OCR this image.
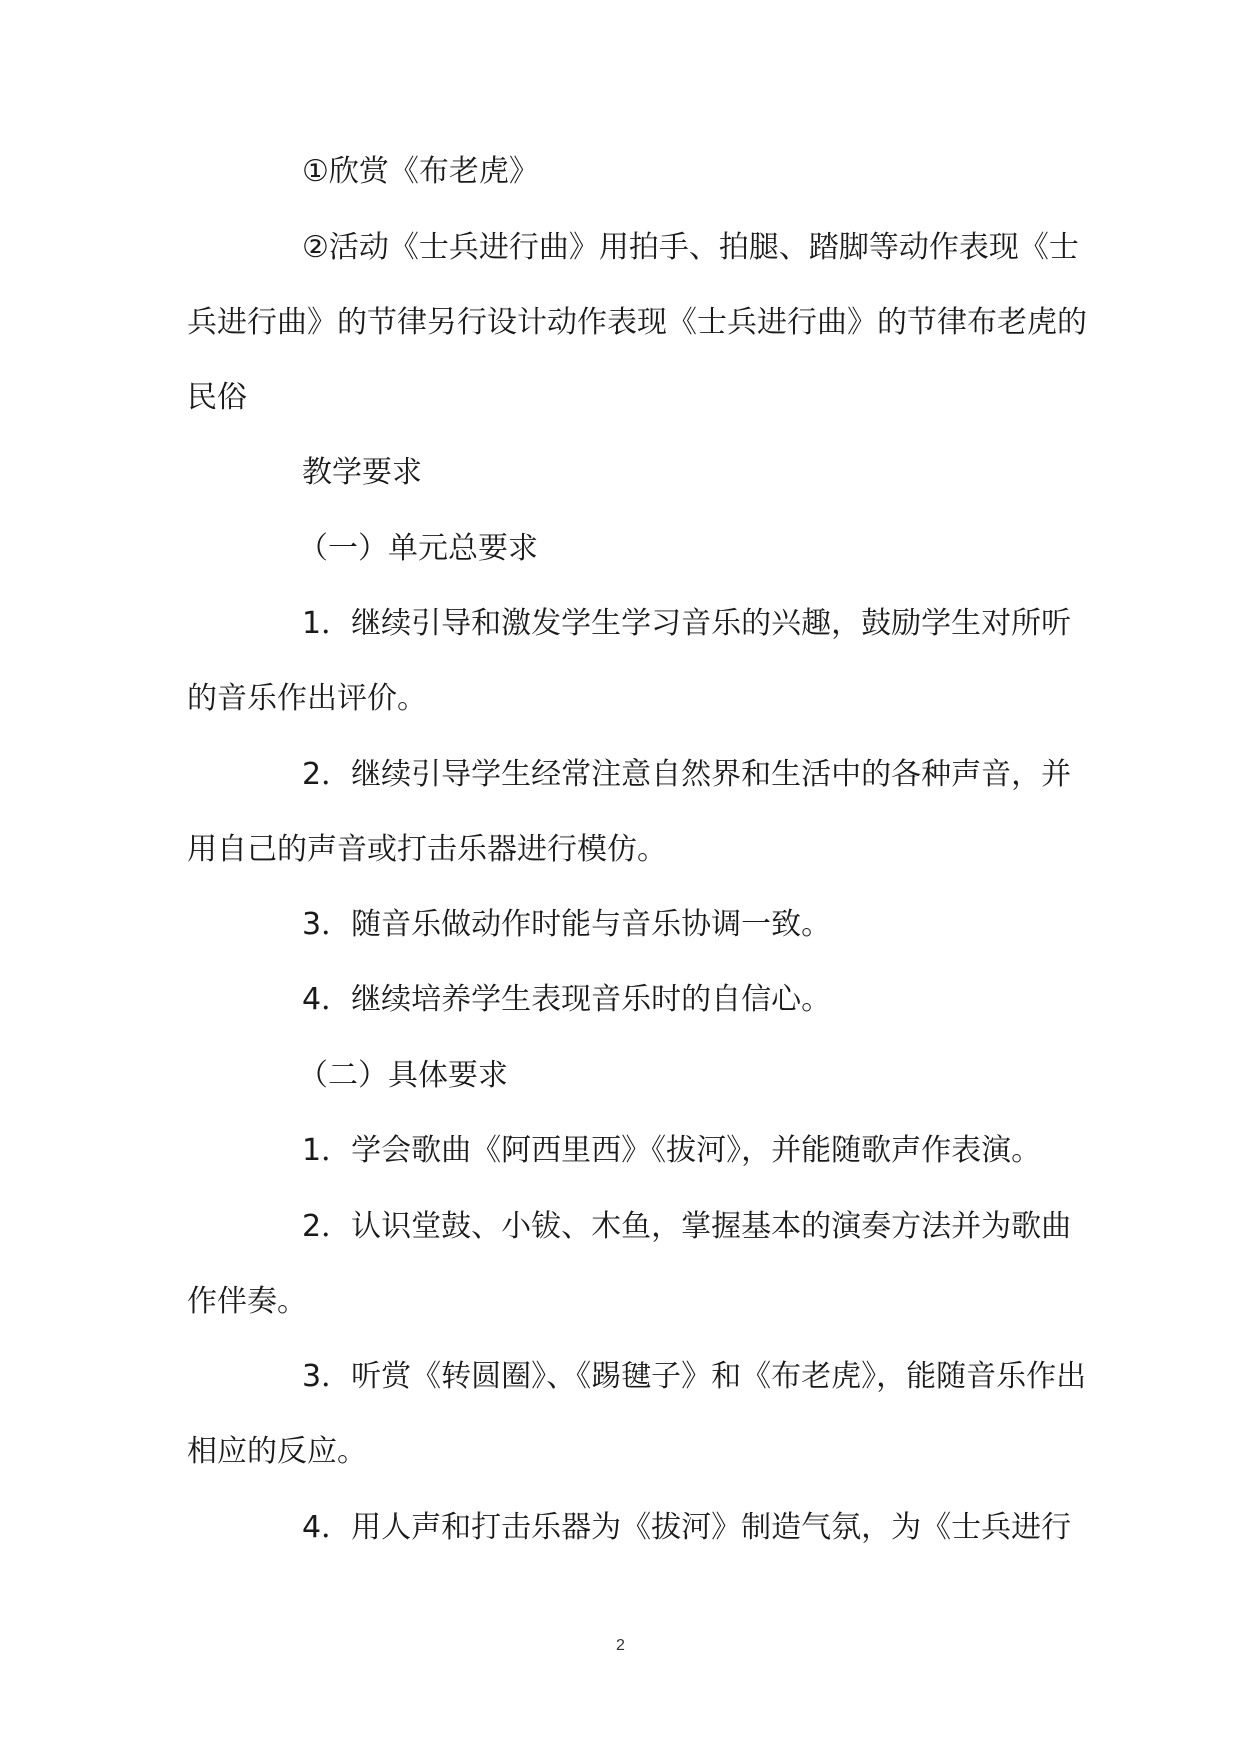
①欣赏《布老虎》
②活动《士兵进行曲》用拍手、拍腿、踏脚等动作表现《士
兵进行曲》的节律另行设计动作表现《士兵进行曲》的节律布老虎的
民俗
教学要求
（一）单元总要求
1．继续引导和激发学生学习音乐的兴趣，鼓励学生对所听
的音乐作出评价。
2．继续引导学生经常注意自然界和生活中的各种声音，并
用自己的声音或打击乐器进行模仿。
3．随音乐做动作时能与音乐协调一致。
4．继续培养学生表现音乐时的自信心。
（二）具体要求
1．学会歌曲《阿西里西》《拔河》，并能随歌声作表演。
2．认识堂鼓、小钹、木鱼，掌握基本的演奏方法并为歌曲
作伴奏。
3．听赏《转圆圈》、《踢毽子》和《布老虎》，能随音乐作出
相应的反应。
4．用人声和打击乐器为《拔河》制造气氛，为《士兵进行
2
